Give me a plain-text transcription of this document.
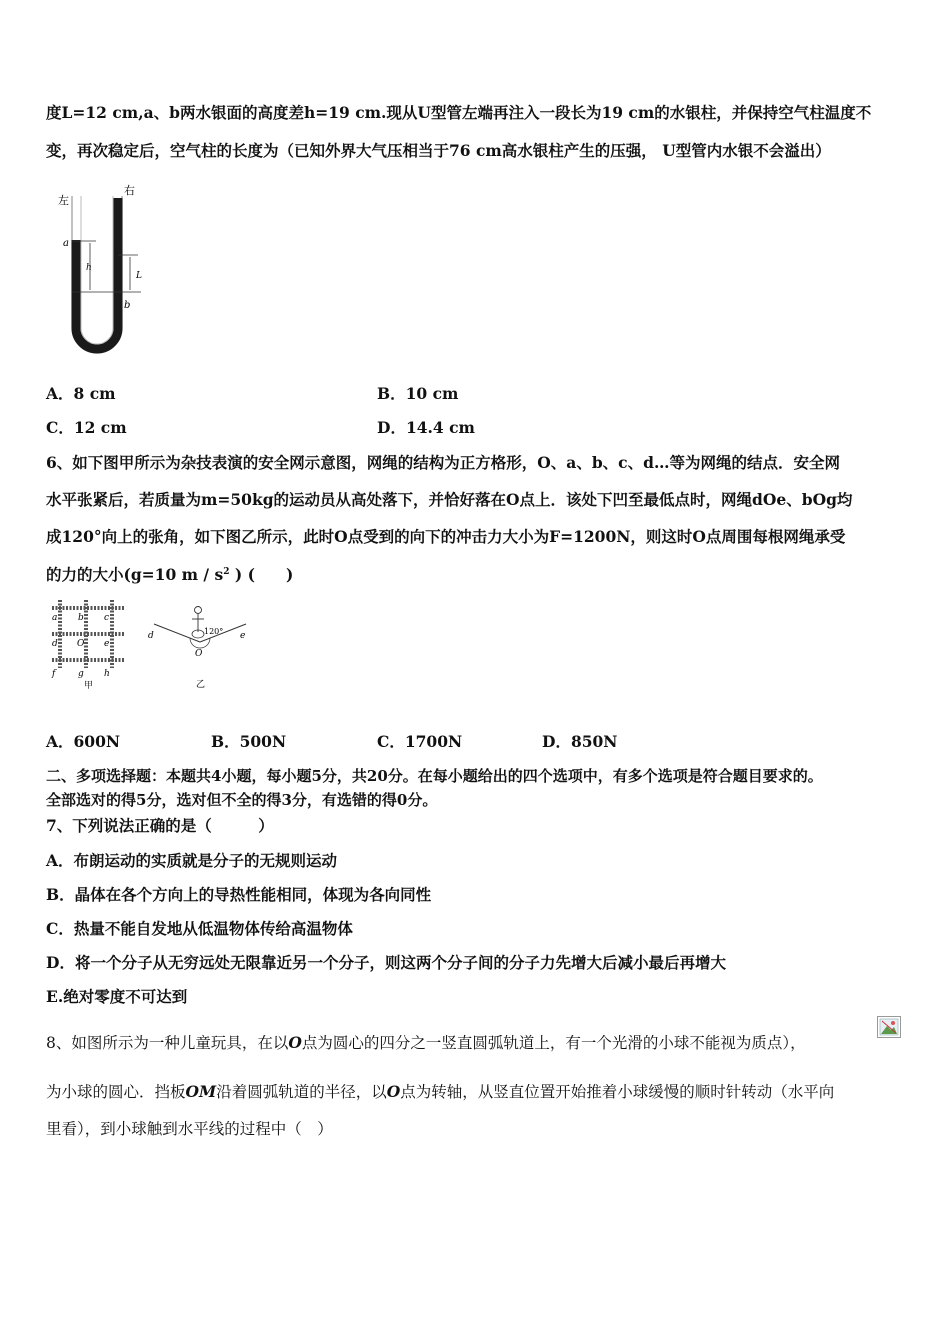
度L=12 cm,a、b两水银面的高度差h=19 cm.现从U型管左端再注入一段长为19 cm的水银柱，并保持空气柱温度不
变，再次稳定后，空气柱的长度为（已知外界大气压相当于76 cm高水银柱产生的压强， U型管内水银不会溢出）
左
右
a
h
L
b
A．8 cm	B．10 cm
C．12 cm	D．14.4 cm
6、如下图甲所示为杂技表演的安全网示意图，网绳的结构为正方格形，O、a、b、c、d…等为网绳的结点．安全网
水平张紧后，若质量为m=50kg的运动员从高处落下，并恰好落在O点上．该处下凹至最低点时，网绳dOe、bOg均
成120°向上的张角，如下图乙所示，此时O点受到的向下的冲击力大小为F=1200N，则这时O点周围每根网绳承受
的力的大小(g=10 m / $s^2$ ) (　　)
a b c
d O e
f	g h
甲
d	e
120°
O
乙
A．600N	B．500N	C．1700N	D．850N
二、多项选择题：本题共4小题，每小题5分，共20分。在每小题给出的四个选项中，有多个选项是符合题目要求的。
全部选对的得5分，选对但不全的得3分，有选错的得0分。
7、下列说法正确的是（　　　）
A．布朗运动的实质就是分子的无规则运动
B．晶体在各个方向上的导热性能相同，体现为各向同性
C．热量不能自发地从低温物体传给高温物体
D．将一个分子从无穷远处无限靠近另一个分子，则这两个分子间的分子力先增大后减小最后再增大
E.绝对零度不可达到
8、如图所示为一种儿童玩具，在以O点为圆心的四分之一竖直圆弧轨道上，有一个光滑的小球不能视为质点），
为小球的圆心．挡板OM沿着圆弧轨道的半径，以O点为转轴，从竖直位置开始推着小球缓慢的顺时针转动（水平向
里看），到小球触到水平线的过程中（　）
